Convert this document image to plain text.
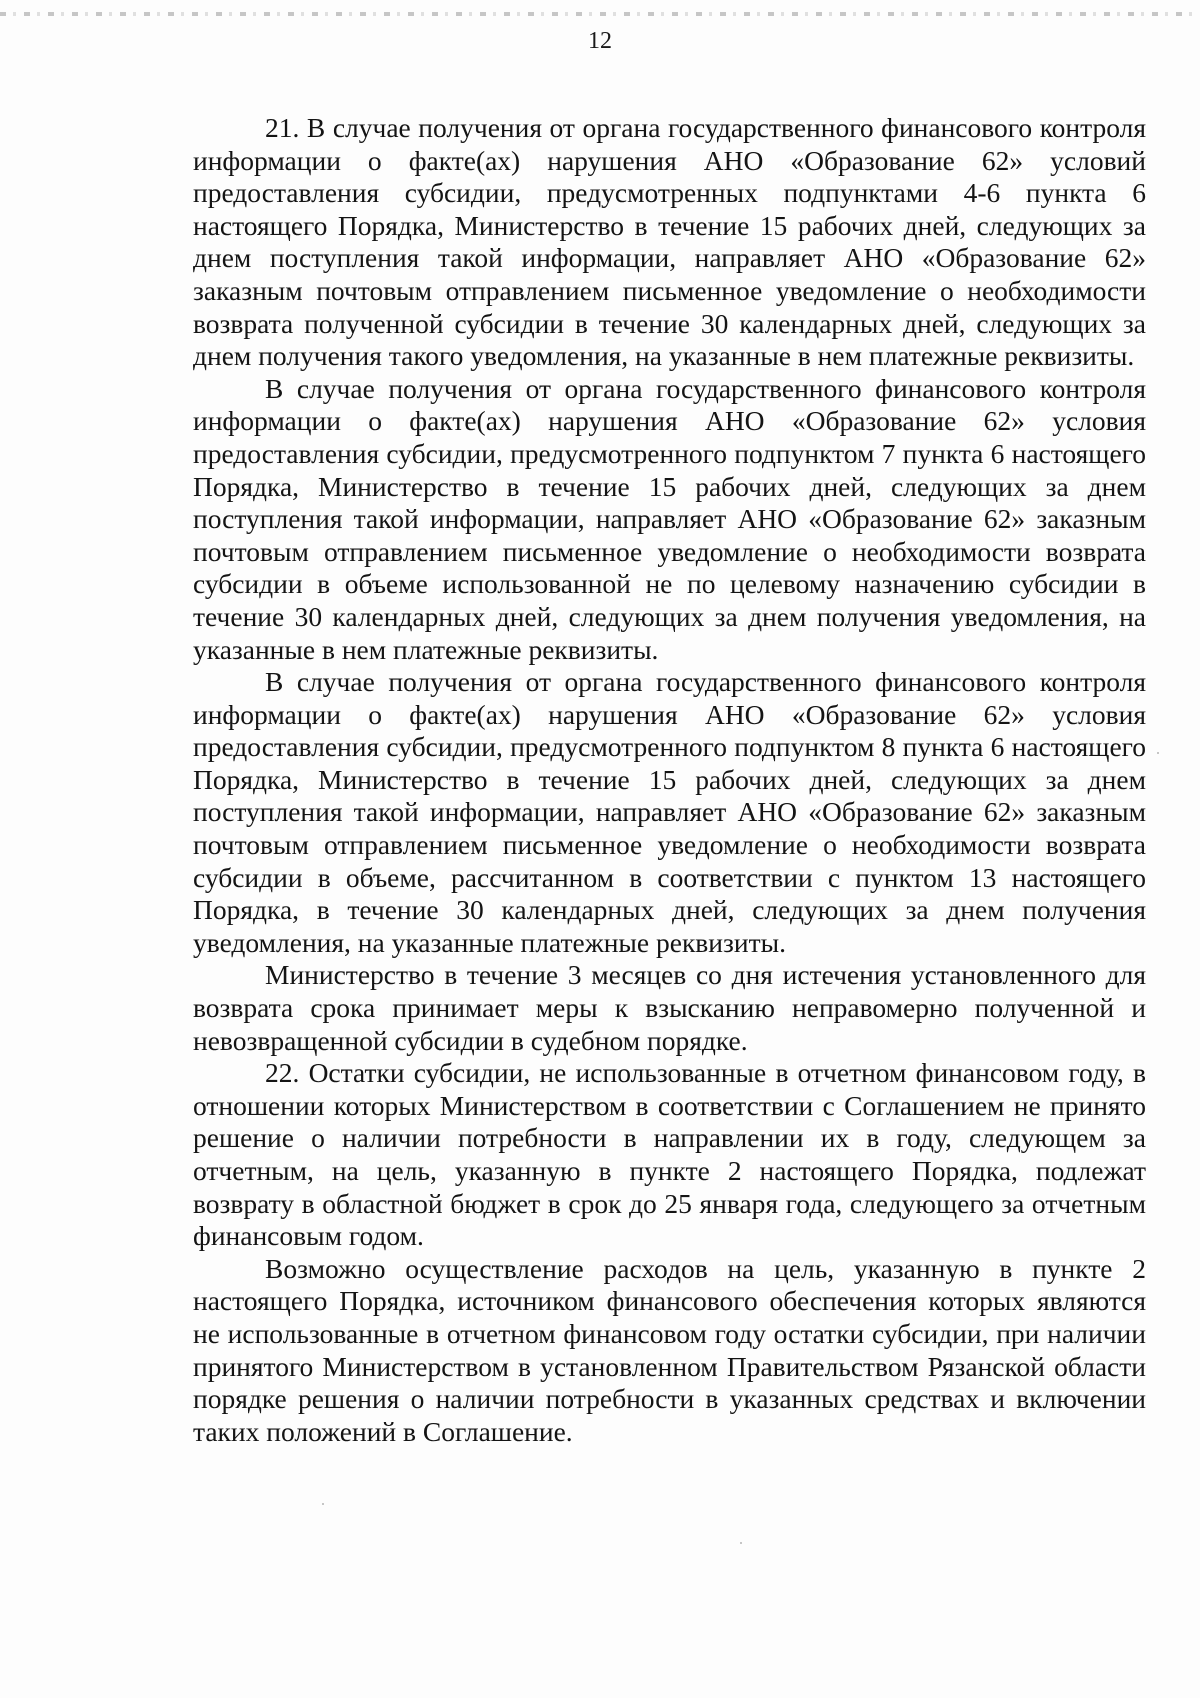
12

21. В случае получения от органа государственного финансового контроля информации о факте(ах) нарушения АНО «Образование 62» условий предоставления субсидии, предусмотренных подпунктами 4-6 пункта 6 настоящего Порядка, Министерство в течение 15 рабочих дней, следующих за днем поступления такой информации, направляет АНО «Образование 62» заказным почтовым отправлением письменное уведомление о необходимости возврата полученной субсидии в течение 30 календарных дней, следующих за днем получения такого уведомления, на указанные в нем платежные реквизиты.

В случае получения от органа государственного финансового контроля информации о факте(ах) нарушения АНО «Образование 62» условия предоставления субсидии, предусмотренного подпунктом 7 пункта 6 настоящего Порядка, Министерство в течение 15 рабочих дней, следующих за днем поступления такой информации, направляет АНО «Образование 62» заказным почтовым отправлением письменное уведомление о необходимости возврата субсидии в объеме использованной не по целевому назначению субсидии в течение 30 календарных дней, следующих за днем получения уведомления, на указанные в нем платежные реквизиты.

В случае получения от органа государственного финансового контроля информации о факте(ах) нарушения АНО «Образование 62» условия предоставления субсидии, предусмотренного подпунктом 8 пункта 6 настоящего Порядка, Министерство в течение 15 рабочих дней, следующих за днем поступления такой информации, направляет АНО «Образование 62» заказным почтовым отправлением письменное уведомление о необходимости возврата субсидии в объеме, рассчитанном в соответствии с пунктом 13 настоящего Порядка, в течение 30 календарных дней, следующих за днем получения уведомления, на указанные платежные реквизиты.

Министерство в течение 3 месяцев со дня истечения установленного для возврата срока принимает меры к взысканию неправомерно полученной и невозвращенной субсидии в судебном порядке.

22. Остатки субсидии, не использованные в отчетном финансовом году, в отношении которых Министерством в соответствии с Соглашением не принято решение о наличии потребности в направлении их в году, следующем за отчетным, на цель, указанную в пункте 2 настоящего Порядка, подлежат возврату в областной бюджет в срок до 25 января года, следующего за отчетным финансовым годом.

Возможно осуществление расходов на цель, указанную в пункте 2 настоящего Порядка, источником финансового обеспечения которых являются не использованные в отчетном финансовом году остатки субсидии, при наличии принятого Министерством в установленном Правительством Рязанской области порядке решения о наличии потребности в указанных средствах и включении таких положений в Соглашение.
